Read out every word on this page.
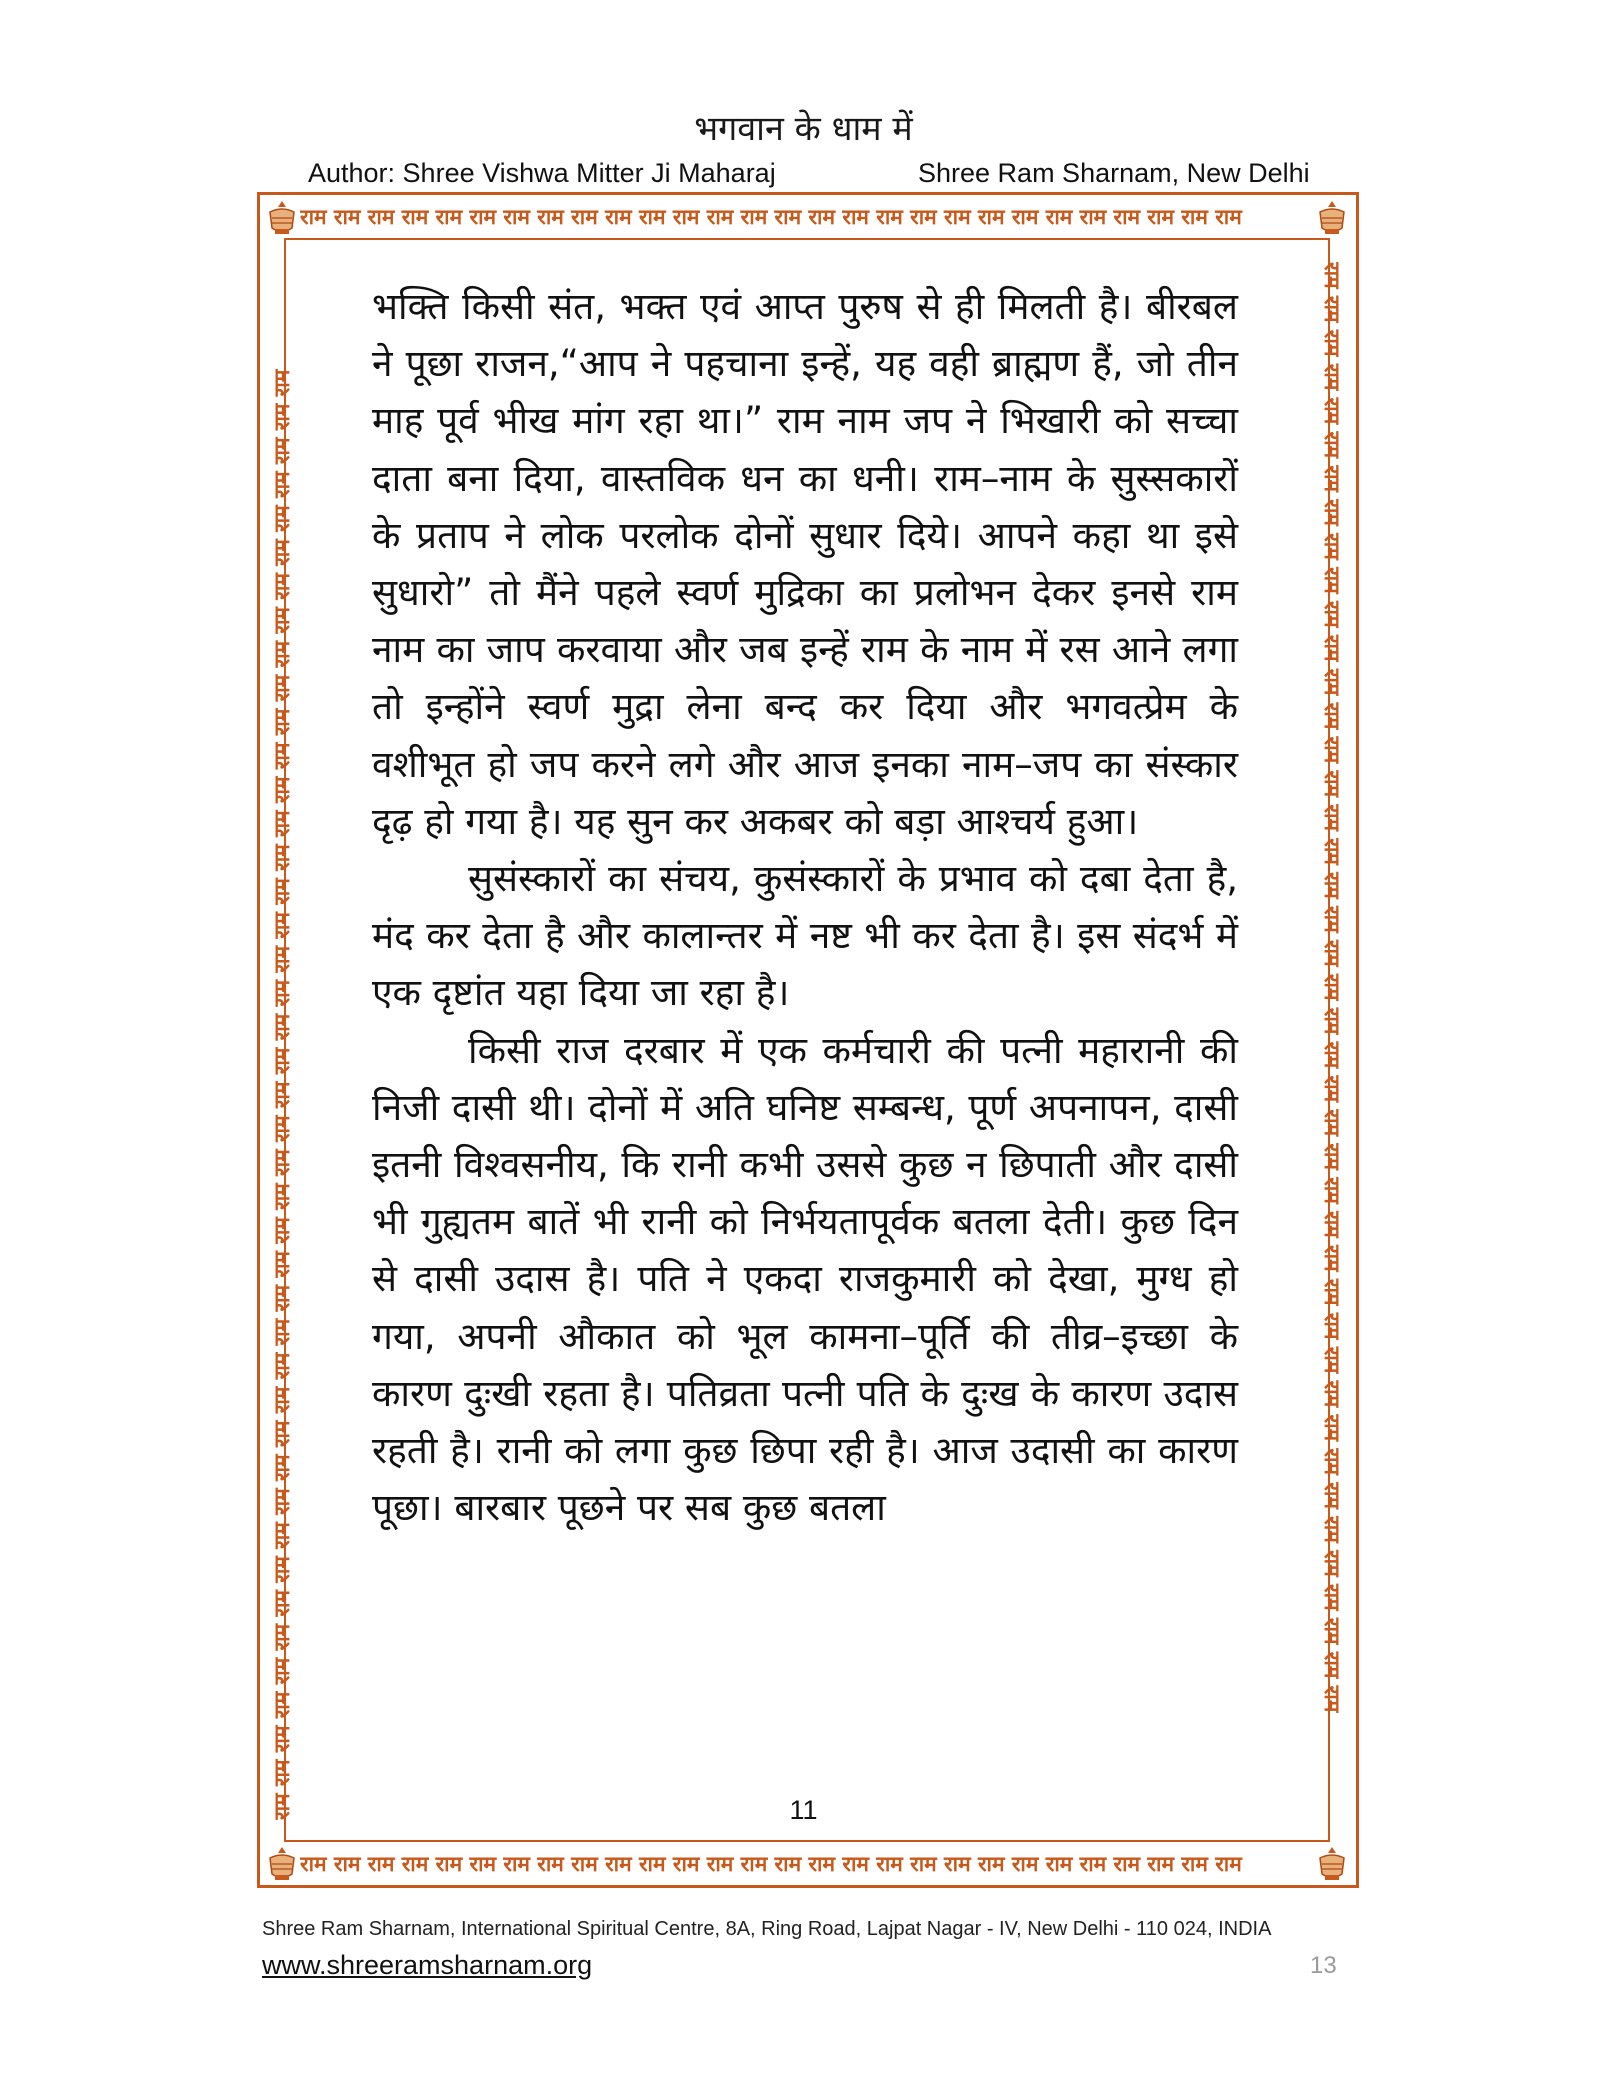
भगवान के धाम में
Author: Shree Vishwa Mitter Ji Maharaj	Shree Ram Sharnam, New Delhi
राम राम राम राम राम राम राम राम राम राम राम राम राम राम राम राम राम राम राम राम राम राम राम राम राम राम राम राम
राम राम राम राम राम राम राम राम राम राम राम राम राम राम राम राम राम राम राम राम राम राम राम राम राम राम राम राम
राम राम राम राम राम राम राम राम राम राम राम राम राम राम राम राम राम राम राम राम राम राम राम राम राम राम राम राम राम राम राम राम राम राम राम राम राम राम राम राम राम राम राम	राम राम राम राम राम राम राम राम राम राम राम राम राम राम राम राम राम राम राम राम राम राम राम राम राम राम राम राम राम राम राम राम राम राम राम राम राम राम राम राम राम राम राम

भक्ति किसी संत, भक्त एवं आप्त पुरुष से ही मिलती है। बीरबल ने पूछा राजन,“आप ने पहचाना इन्हें, यह वही ब्राह्मण हैं, जो तीन माह पूर्व भीख मांग रहा था।” राम नाम जप ने भिखारी को सच्चा दाता बना दिया, वास्तविक धन का धनी। राम–नाम के सुस्सकारों के प्रताप ने लोक परलोक दोनों सुधार दिये। आपने कहा था इसे सुधारो” तो मैंने पहले स्वर्ण मुद्रिका का प्रलोभन देकर इनसे राम नाम का जाप करवाया और जब इन्हें राम के नाम में रस आने लगा तो इन्होंने स्वर्ण मुद्रा लेना बन्द कर दिया और भगवत्प्रेम के वशीभूत हो जप करने लगे और आज इनका नाम–जप का संस्कार दृढ़ हो गया है। यह सुन कर अकबर को बड़ा आश्चर्य हुआ।

सुसंस्कारों का संचय, कुसंस्कारों के प्रभाव को दबा देता है, मंद कर देता है और कालान्तर में नष्ट भी कर देता है। इस संदर्भ में एक दृष्टांत यहा दिया जा रहा है।

किसी राज दरबार में एक कर्मचारी की पत्नी महारानी की निजी दासी थी। दोनों में अति घनिष्ट सम्बन्ध, पूर्ण अपनापन, दासी इतनी विश्वसनीय, कि रानी कभी उससे कुछ न छिपाती और दासी भी गुह्यतम बातें भी रानी को निर्भयतापूर्वक बतला देती। कुछ दिन से दासी उदास है। पति ने एकदा राजकुमारी को देखा, मुग्ध हो गया, अपनी औकात को भूल कामना–पूर्ति की तीव्र–इच्छा के कारण दुःखी रहता है। पतिव्रता पत्नी पति के दुःख के कारण उदास रहती है। रानी को लगा कुछ छिपा रही है। आज उदासी का कारण पूछा। बारबार पूछने पर सब कुछ बतला

11
Shree Ram Sharnam, International Spiritual Centre, 8A, Ring Road, Lajpat Nagar - IV, New Delhi - 110 024, INDIA
www.shreeramsharnam.org	13
